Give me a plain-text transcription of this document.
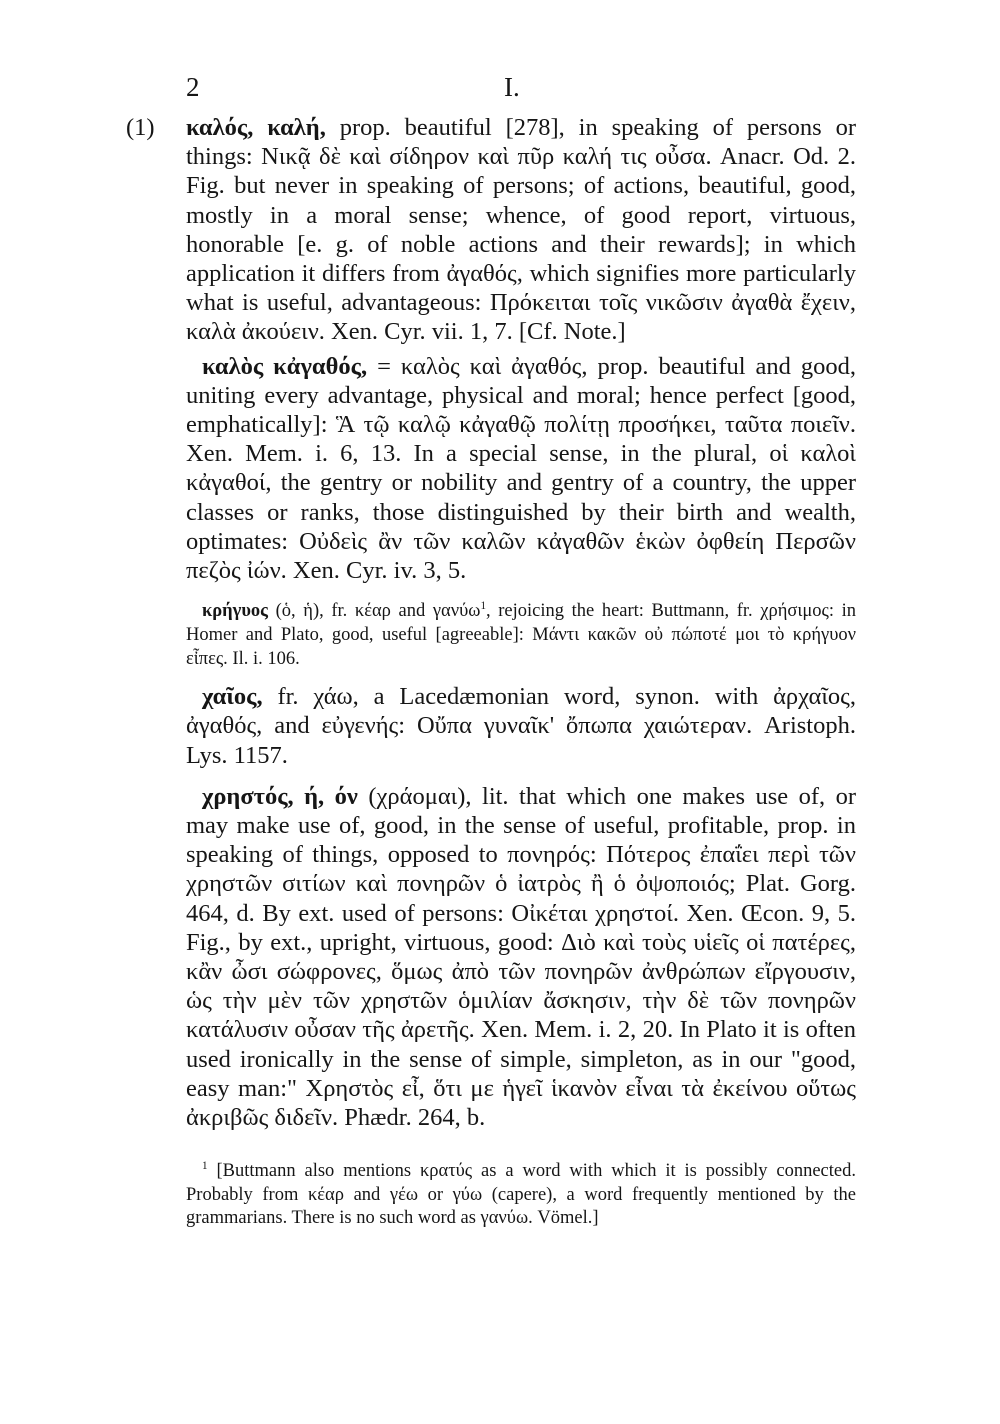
2	I.

(1) καλός, καλή, prop. beautiful [278], in speaking of persons or things: Νικᾷ δὲ καὶ σίδηρον καὶ πῦρ καλή τις οὖσα. Anacr. Od. 2. Fig. but never in speaking of persons; of actions, beautiful, good, mostly in a moral sense; whence, of good report, virtuous, honorable [e. g. of noble actions and their rewards]; in which application it differs from ἀγαθός, which signifies more particularly what is useful, advantageous: Πρόκειται τοῖς νικῶσιν ἀγαθὰ ἔχειν, καλὰ ἀκούειν. Xen. Cyr. vii. 1, 7. [Cf. Note.]

καλὸς κἀγαθός, = καλὸς καὶ ἀγαθός, prop. beautiful and good, uniting every advantage, physical and moral; hence perfect [good, emphatically]: Ἃ τῷ καλῷ κἀγαθῷ πολίτῃ προσήκει, ταῦτα ποιεῖν. Xen. Mem. i. 6, 13. In a special sense, in the plural, οἱ καλοὶ κἀγαθοί, the gentry or nobility and gentry of a country, the upper classes or ranks, those distinguished by their birth and wealth, optimates: Οὐδεὶς ἂν τῶν καλῶν κἀγαθῶν ἑκὼν ὀφθείη Περσῶν πεζὸς ἰών. Xen. Cyr. iv. 3, 5.

κρήγυος (ὁ, ἡ), fr. κέαρ and γανύω$^1$, rejoicing the heart: Buttmann, fr. χρήσιμος: in Homer and Plato, good, useful [agreeable]: Μάντι κακῶν οὐ πώποτέ μοι τὸ κρήγυον εἶπες. Il. i. 106.

χαῖος, fr. χάω, a Lacedæmonian word, synon. with ἀρχαῖος, ἀγαθός, and εὐγενής: Οὔπα γυναῖκ' ὄπωπα χαιώτεραν. Aristoph. Lys. 1157.

χρηστός, ή, όν (χράομαι), lit. that which one makes use of, or may make use of, good, in the sense of useful, profitable, prop. in speaking of things, opposed to πονηρός: Πότερος ἐπαΐει περὶ τῶν χρηστῶν σιτίων καὶ πονηρῶν ὁ ἰατρὸς ἢ ὁ ὀψοποιός; Plat. Gorg. 464, d. By ext. used of persons: Οἰκέται χρηστοί. Xen. Œcon. 9, 5. Fig., by ext., upright, virtuous, good: Διὸ καὶ τοὺς υἱεῖς οἱ πατέρες, κἂν ὦσι σώφρονες, ὅμως ἀπὸ τῶν πονηρῶν ἀνθρώπων εἴργουσιν, ὡς τὴν μὲν τῶν χρηστῶν ὁμιλίαν ἄσκησιν, τὴν δὲ τῶν πονηρῶν κατάλυσιν οὖσαν τῆς ἀρετῆς. Xen. Mem. i. 2, 20. In Plato it is often used ironically in the sense of simple, simpleton, as in our "good, easy man:" Χρηστὸς εἶ, ὅτι με ἡγεῖ ἱκανὸν εἶναι τὰ ἐκείνου οὕτως ἀκριβῶς διδεῖν. Phædr. 264, b.

$^1$ [Buttmann also mentions κρατύς as a word with which it is possibly connected. Probably from κέαρ and γέω or γύω (capere), a word frequently mentioned by the grammarians. There is no such word as γανύω. Vömel.]
